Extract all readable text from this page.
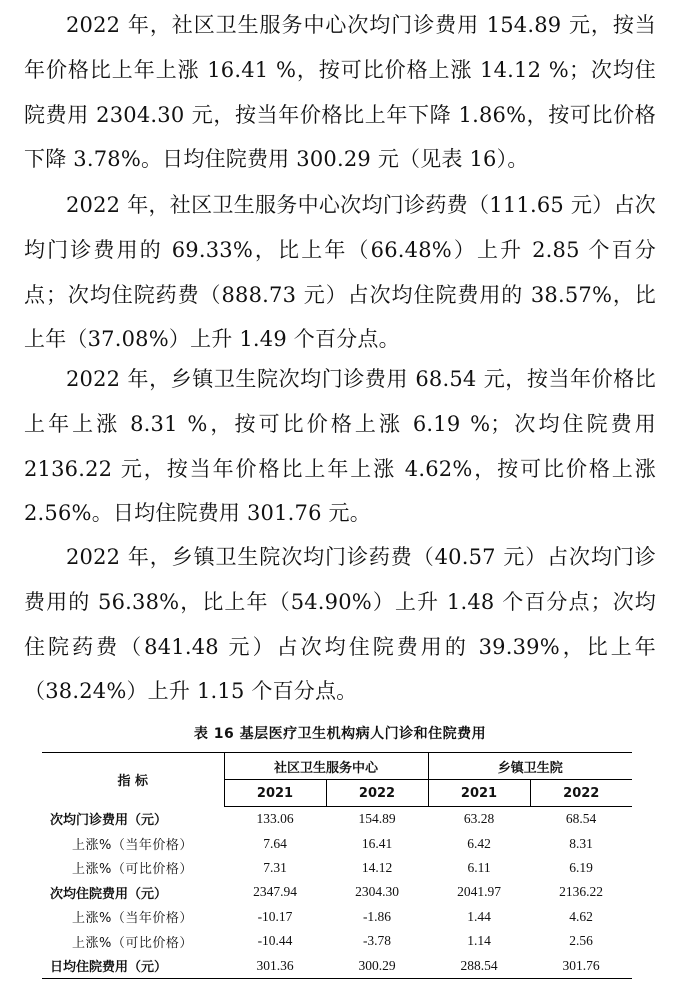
2022 年，社区卫生服务中心次均门诊费用 154.89 元，按当年价格比上年上涨 16.41 %，按可比价格上涨 14.12 %；次均住院费用 2304.30 元，按当年价格比上年下降 1.86%，按可比价格下降 3.78%。日均住院费用 300.29 元（见表 16）。

2022 年，社区卫生服务中心次均门诊药费（111.65 元）占次均门诊费用的 69.33%，比上年（66.48%）上升 2.85 个百分点；次均住院药费（888.73 元）占次均住院费用的 38.57%，比上年（37.08%）上升 1.49 个百分点。

2022 年，乡镇卫生院次均门诊费用 68.54 元，按当年价格比上年上涨 8.31 %，按可比价格上涨 6.19 %；次均住院费用 2136.22 元，按当年价格比上年上涨 4.62%，按可比价格上涨 2.56%。日均住院费用 301.76 元。

2022 年，乡镇卫生院次均门诊药费（40.57 元）占次均门诊费用的 56.38%，比上年（54.90%）上升 1.48 个百分点；次均住院药费（841.48 元）占次均住院费用的 39.39%，比上年（38.24%）上升 1.15 个百分点。

表 16 基层医疗卫生机构病人门诊和住院费用
指 标	社区卫生服务中心		乡镇卫生院	
	2021	2022	2021	2022
次均门诊费用（元）	133.06	154.89	63.28	68.54
上涨%（当年价格）	7.64	16.41	6.42	8.31
上涨%（可比价格）	7.31	14.12	6.11	6.19
次均住院费用（元）	2347.94	2304.30	2041.97	2136.22
上涨%（当年价格）	-10.17	-1.86	1.44	4.62
上涨%（可比价格）	-10.44	-3.78	1.14	2.56
日均住院费用（元）	301.36	300.29	288.54	301.76
